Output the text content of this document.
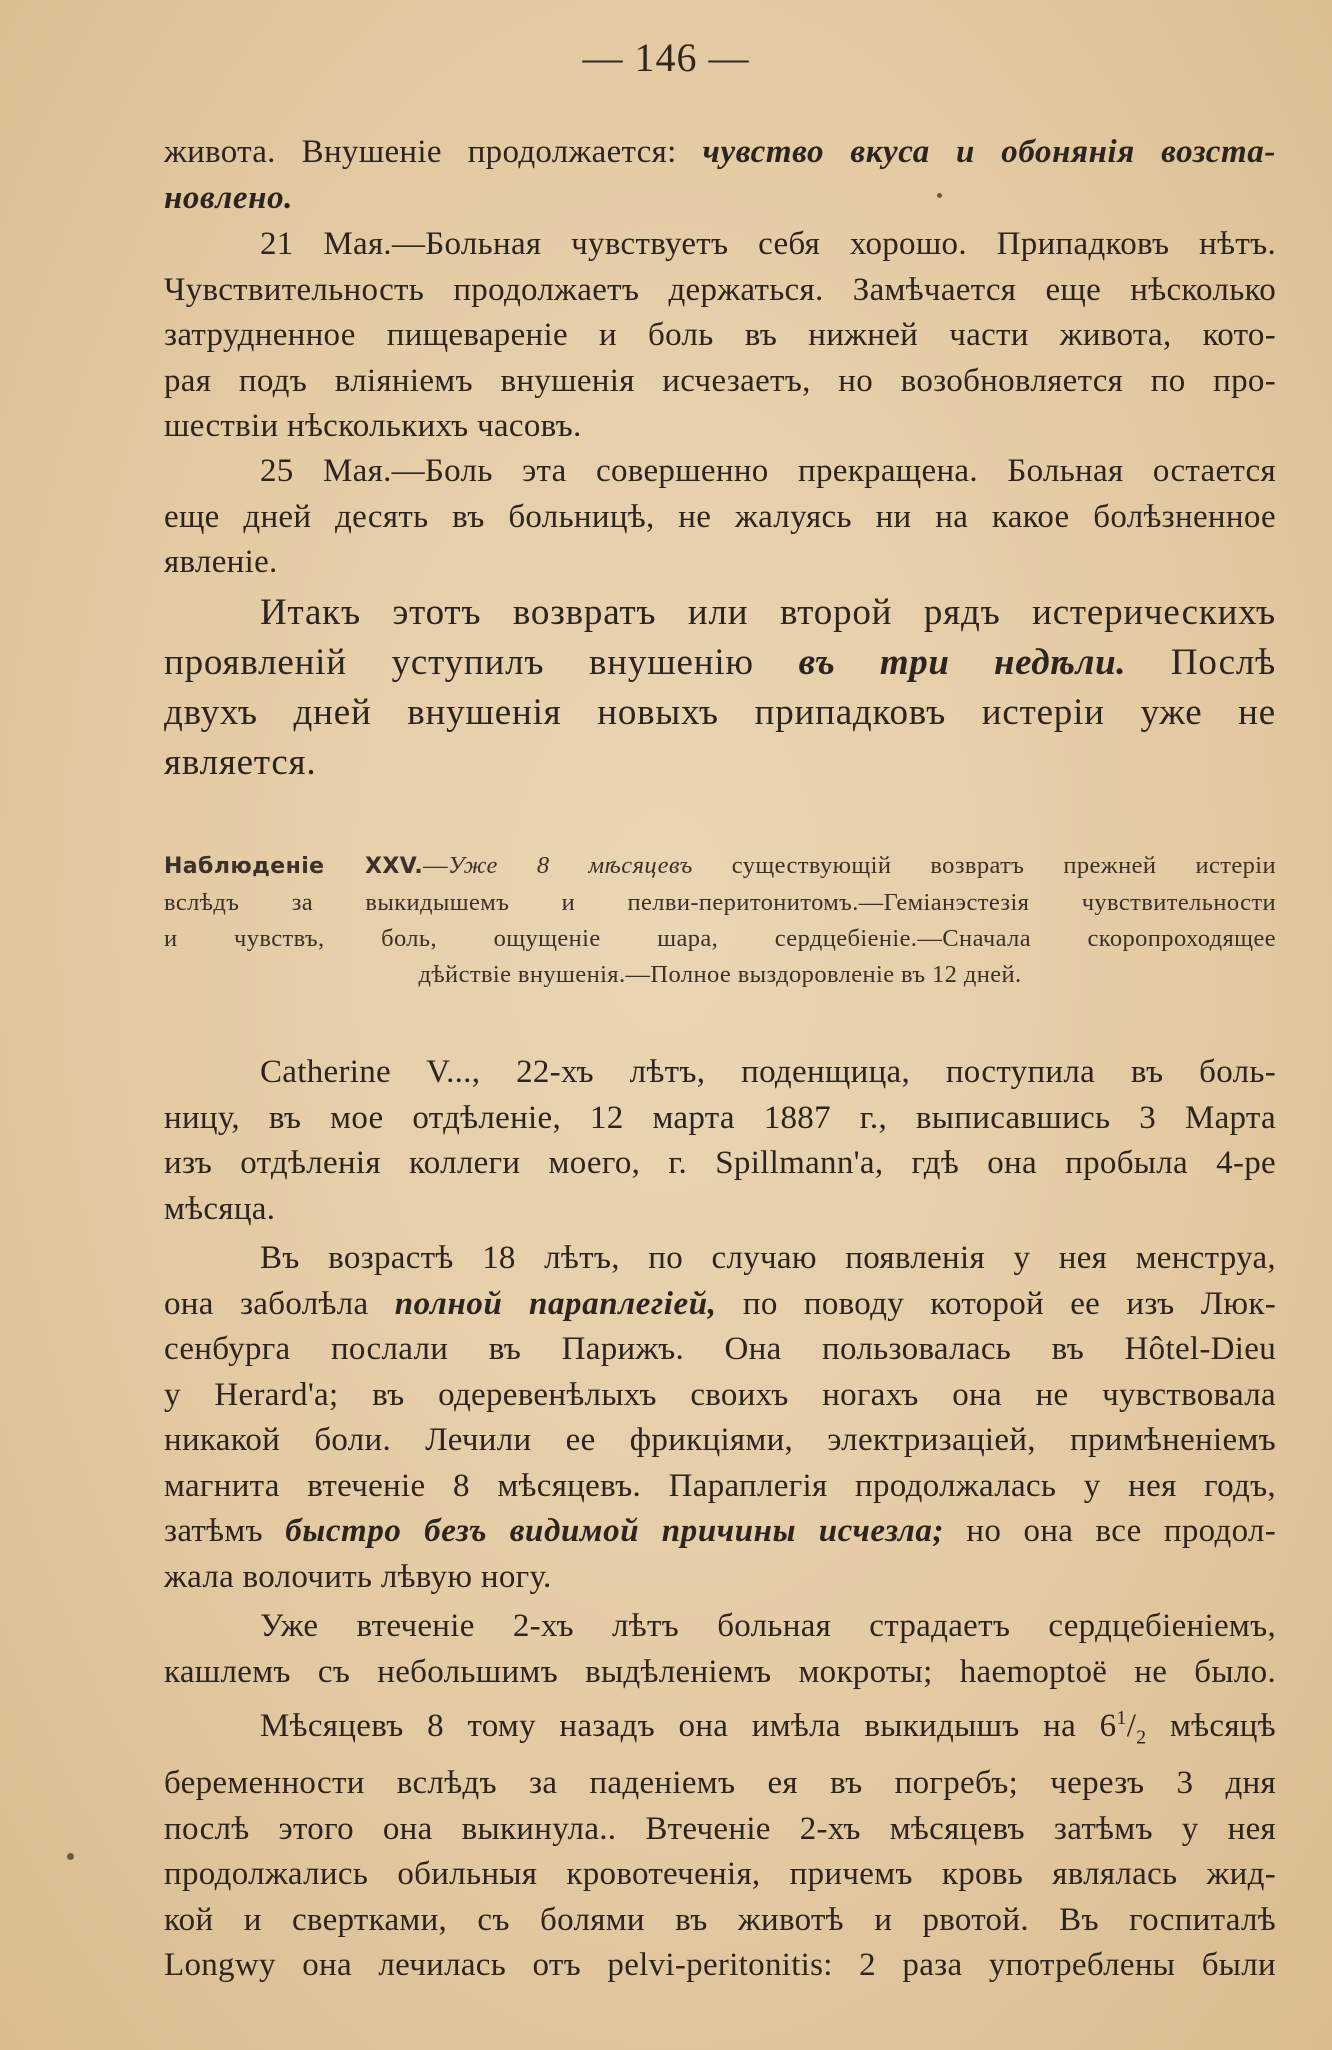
— 146 —
живота. Внушеніе продолжается: чувство вкуса и обонянія возста-
новлено.
21 Мая.—Больная чувствуетъ себя хорошо. Припадковъ нѣтъ.
Чувствительность продолжаетъ держаться. Замѣчается еще нѣсколько
затрудненное пищевареніе и боль въ нижней части живота, кото-
рая подъ вліяніемъ внушенія исчезаетъ, но возобновляется по про-
шествіи нѣсколькихъ часовъ.
25 Мая.—Боль эта совершенно прекращена. Больная остается
еще дней десять въ больницѣ, не жалуясь ни на какое болѣзненное
явленіе.
Итакъ этотъ возвратъ или второй рядъ истерическихъ
проявленій уступилъ внушенію въ три недѣли. Послѣ
двухъ дней внушенія новыхъ припадковъ истеріи уже не
является.
Наблюденіе XXV.—Уже 8 мѣсяцевъ существующій возвратъ прежней истеріи
вслѣдъ за выкидышемъ и пелви-перитонитомъ.—Геміанэстезія чувствительности
и чувствъ, боль, ощущеніе шара, сердцебіеніе.—Сначала скоропроходящее
дѣйствіе внушенія.—Полное выздоровленіе въ 12 дней.
Catherine V..., 22-хъ лѣтъ, поденщица, поступила въ боль-
ницу, въ мое отдѣленіе, 12 марта 1887 г., выписавшись 3 Марта
изъ отдѣленія коллеги моего, г. Spillmann'а, гдѣ она пробыла 4-ре
мѣсяца.
Въ возрастѣ 18 лѣтъ, по случаю появленія у нея менструа,
она заболѣла полной параплегіей, по поводу которой ее изъ Люк-
сенбурга послали въ Парижъ. Она пользовалась въ Hôtel-Dieu
у Herard'а; въ одеревенѣлыхъ своихъ ногахъ она не чувствовала
никакой боли. Лечили ее фрикціями, электризаціей, примѣненіемъ
магнита втеченіе 8 мѣсяцевъ. Параплегія продолжалась у нея годъ,
затѣмъ быстро безъ видимой причины исчезла; но она все продол-
жала волочить лѣвую ногу.
Уже втеченіе 2-хъ лѣтъ больная страдаетъ сердцебіеніемъ,
кашлемъ съ небольшимъ выдѣленіемъ мокроты; haemoptoë не было.
Мѣсяцевъ 8 тому назадъ она имѣла выкидышъ на $6^1/_2$ мѣсяцѣ
беременности вслѣдъ за паденіемъ ея въ погребъ; черезъ 3 дня
послѣ этого она выкинула.. Втеченіе 2-хъ мѣсяцевъ затѣмъ у нея
продолжались обильныя кровотеченія, причемъ кровь являлась жид-
кой и свертками, съ болями въ животѣ и рвотой. Въ госпиталѣ
Longwy она лечилась отъ pelvi-peritonitis: 2 раза употреблены были
